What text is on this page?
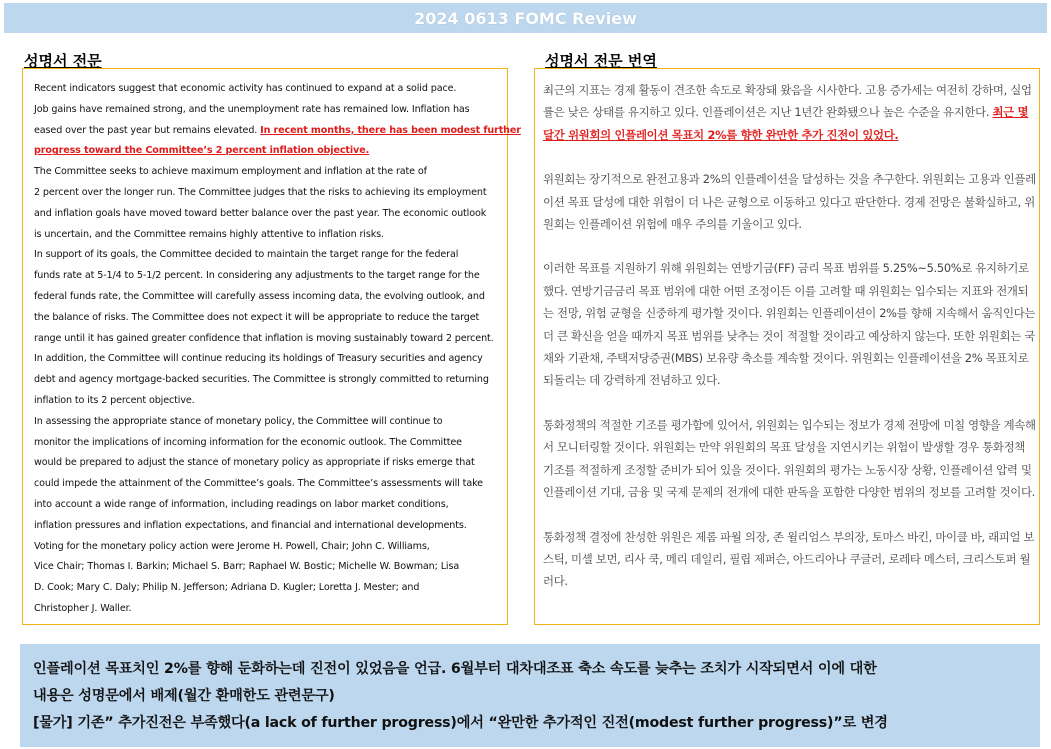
2024 0613 FOMC Review
성명서 전문	성명서 전문 번역
Recent indicators suggest that economic activity has continued to expand at a solid pace.
Job gains have remained strong, and the unemployment rate has remained low. Inflation has
eased over the past year but remains elevated. In recent months, there has been modest further
progress toward the Committee’s 2 percent inflation objective.
The Committee seeks to achieve maximum employment and inflation at the rate of
2 percent over the longer run. The Committee judges that the risks to achieving its employment
and inflation goals have moved toward better balance over the past year. The economic outlook
is uncertain, and the Committee remains highly attentive to inflation risks.
In support of its goals, the Committee decided to maintain the target range for the federal
funds rate at 5-1/4 to 5-1/2 percent. In considering any adjustments to the target range for the
federal funds rate, the Committee will carefully assess incoming data, the evolving outlook, and
the balance of risks. The Committee does not expect it will be appropriate to reduce the target
range until it has gained greater confidence that inflation is moving sustainably toward 2 percent.
In addition, the Committee will continue reducing its holdings of Treasury securities and agency
debt and agency mortgage-backed securities. The Committee is strongly committed to returning
inflation to its 2 percent objective.
In assessing the appropriate stance of monetary policy, the Committee will continue to
monitor the implications of incoming information for the economic outlook. The Committee
would be prepared to adjust the stance of monetary policy as appropriate if risks emerge that
could impede the attainment of the Committee’s goals. The Committee’s assessments will take
into account a wide range of information, including readings on labor market conditions,
inflation pressures and inflation expectations, and financial and international developments.
Voting for the monetary policy action were Jerome H. Powell, Chair; John C. Williams,
Vice Chair; Thomas I. Barkin; Michael S. Barr; Raphael W. Bostic; Michelle W. Bowman; Lisa
D. Cook; Mary C. Daly; Philip N. Jefferson; Adriana D. Kugler; Loretta J. Mester; and
Christopher J. Waller.

최근의 지표는 경제 활동이 견조한 속도로 확장돼 왔음을 시사한다. 고용 증가세는 여전히 강하며, 실업률은 낮은 상태를 유지하고 있다. 인플레이션은 지난 1년간 완화됐으나 높은 수준을 유지한다. 최근 몇 달간 위원회의 인플레이션 목표치 2%를 향한 완만한 추가 진전이 있었다.

위원회는 장기적으로 완전고용과 2%의 인플레이션을 달성하는 것을 추구한다. 위원회는 고용과 인플레이션 목표 달성에 대한 위험이 더 나은 균형으로 이동하고 있다고 판단한다. 경제 전망은 불확실하고, 위원회는 인플레이션 위험에 매우 주의를 기울이고 있다.

이러한 목표를 지원하기 위해 위원회는 연방기금(FF) 금리 목표 범위를 5.25%~5.50%로 유지하기로 했다. 연방기금금리 목표 범위에 대한 어떤 조정이든 이를 고려할 때 위원회는 입수되는 지표와 전개되는 전망, 위험 균형을 신중하게 평가할 것이다. 위원회는 인플레이션이 2%를 향해 지속해서 움직인다는 더 큰 확신을 얻을 때까지 목표 범위를 낮추는 것이 적절할 것이라고 예상하지 않는다. 또한 위원회는 국채와 기관채, 주택저당증권(MBS) 보유량 축소를 계속할 것이다. 위원회는 인플레이션을 2% 목표치로 되돌리는 데 강력하게 전념하고 있다.

통화정책의 적절한 기조를 평가함에 있어서, 위원회는 입수되는 정보가 경제 전망에 미칠 영향을 계속해서 모니터링할 것이다. 위원회는 만약 위원회의 목표 달성을 지연시키는 위험이 발생할 경우 통화정책 기조를 적절하게 조정할 준비가 되어 있을 것이다. 위원회의 평가는 노동시장 상황, 인플레이션 압력 및 인플레이션 기대, 금융 및 국제 문제의 전개에 대한 판독을 포함한 다양한 범위의 정보를 고려할 것이다.

통화정책 결정에 찬성한 위원은 제롬 파월 의장, 존 윌리엄스 부의장, 토마스 바킨, 마이클 바, 래피얼 보스틱, 미셸 보먼, 리사 쿡, 메리 데일리, 필립 제퍼슨, 아드리아나 쿠글러, 로레타 메스터, 크리스토퍼 월러다.

인플레이션 목표치인 2%를 향해 둔화하는데 진전이 있었음을 언급. 6월부터 대차대조표 축소 속도를 늦추는 조치가 시작되면서 이에 대한
내용은 성명문에서 배제(월간 환매한도 관련문구)
[물가] 기존” 추가진전은 부족했다(a lack of further progress)에서 “완만한 추가적인 진전(modest further progress)”로 변경
